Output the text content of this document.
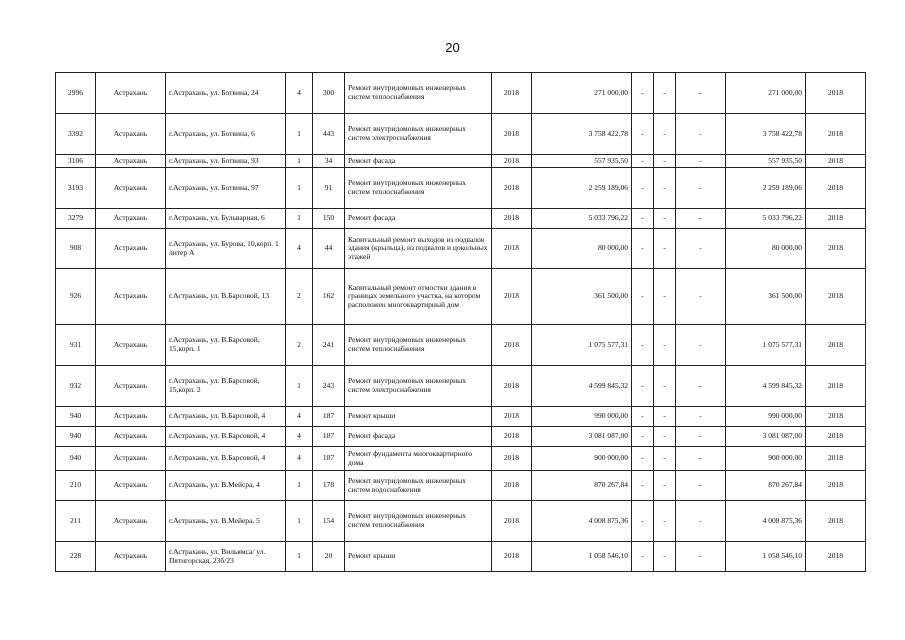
20
2996	Астрахань	г.Астрахань, ул. Ботвина, 24	4	300	Ремонт внутридомовых инженерных систем теплоснабжения	2018	271 000,00	-	-	-	271 000,00	2018
3392	Астрахань	г.Астрахань, ул. Ботвина, 6	1	443	Ремонт внутридомовых инженерных систем электроснабжения	2018	3 758 422,78	-	-	-	3 758 422,78	2018
3106	Астрахань	г.Астрахань, ул. Ботвина, 93	1	34	Ремонт фасада	2018	557 935,50	-	-	-	557 935,50	2018
3193	Астрахань	г.Астрахань, ул. Ботвина, 97	1	91	Ремонт внутридомовых инженерных систем теплоснабжения	2018	2 259 189,06	-	-	-	2 259 189,06	2018
3279	Астрахань	г.Астрахань, ул. Бульварная, 6	1	150	Ремонт фасада	2018	5 033 796,22	-	-	-	5 033 796,22	2018
908	Астрахань	г.Астрахань, ул. Бурова, 10,корп. 1 литер А	4	44	Капитальный ремонт выходов из подвалов здания (крыльца), из подвалов и цокольных этажей	2018	80 000,00	-	-	-	80 000,00	2018
926	Астрахань	г.Астрахань, ул. В.Барсовой, 13	2	162	Капитальный ремонт отмостки здания в границах земельного участка, на котором расположен многоквартирный дом	2018	361 500,00	-	-	-	361 500,00	2018
931	Астрахань	г.Астрахань, ул. В.Барсовой, 15,корп. 1	2	241	Ремонт внутридомовых инженерных систем теплоснабжения	2018	1 075 577,31	-	-	-	1 075 577,31	2018
932	Астрахань	г.Астрахань, ул. В.Барсовой, 15,корп. 2	1	243	Ремонт внутридомовых инженерных систем электроснабжения	2018	4 599 845,32	-	-	-	4 599 845,32	2018
940	Астрахань	г.Астрахань, ул. В.Барсовой, 4	4	187	Ремонт крыши	2018	990 000,00	-	-	-	990 000,00	2018
940	Астрахань	г.Астрахань, ул. В.Барсовой, 4	4	187	Ремонт фасада	2018	3 081 087,00	-	-	-	3 081 087,00	2018
940	Астрахань	г.Астрахань, ул. В.Барсовой, 4	4	187	Ремонт фундамента многоквартирного дома	2018	900 000,00	-	-	-	900 000,00	2018
210	Астрахань	г.Астрахань, ул. В.Мейсра, 4	1	178	Ремонт внутридомовых инженерных систем водоснабжения	2018	870 267,84	-	-	-	870 267,84	2018
211	Астрахань	г.Астрахань, ул. В.Мейера, 5	1	154	Ремонт внутридомовых инженерных систем теплоснабжения	2018	4 008 875,36	-	-	-	4 008 875,36	2018
228	Астрахань	г.Астрахань, ул. Вильямса/ ул. Пятигорская, 23б/23	1	20	Ремонт крыши	2018	1 058 546,10	-	-	-	1 058 546,10	2018
